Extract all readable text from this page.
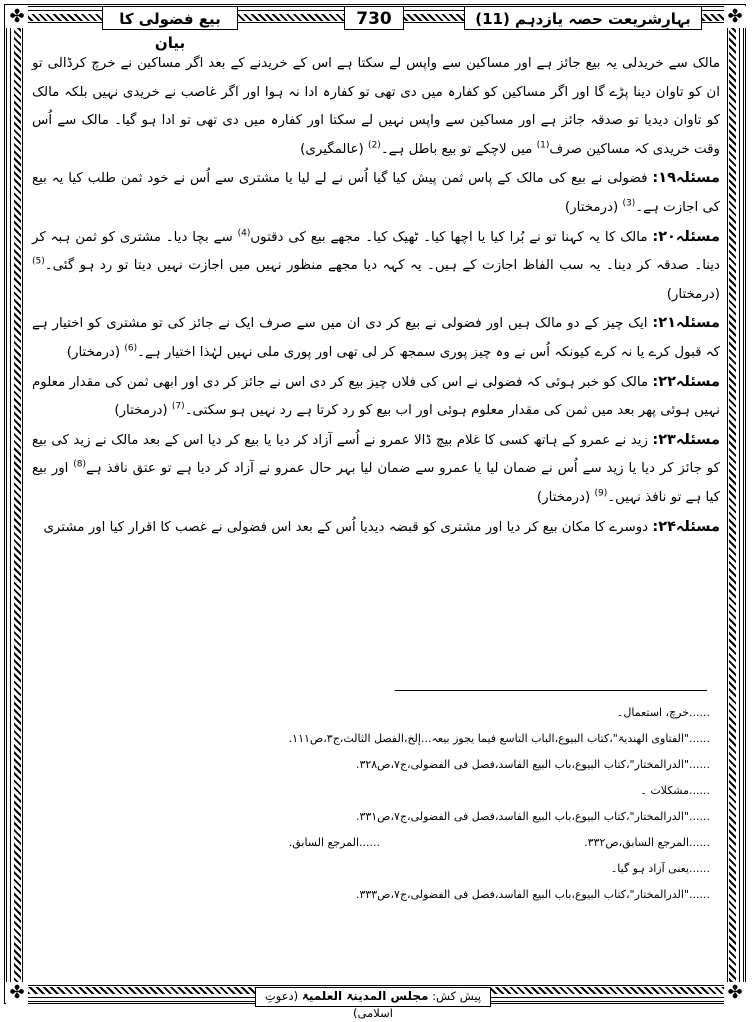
✤	✤
✤	✤
بہارِشریعت حصہ یازدہم (11)
730
بیع فضولی کا بیان

مالک سے خریدلی یہ بیع جائز ہے اور مساکین سے واپس لے سکتا ہے اس کے خریدنے کے بعد اگر مساکین نے خرچ کرڈالی تو ان کو تاوان دینا پڑے گا اور اگر مساکین کو کفارہ میں دی تھی تو کفارہ ادا نہ ہوا اور اگر غاصب نے خریدی نہیں بلکہ مالک کو تاوان دیدیا تو صدقہ جائز ہے اور مساکین سے واپس نہیں لے سکتا اور کفارہ میں دی تھی تو ادا ہو گیا۔ مالک سے اُس وقت خریدی کہ مساکین صرف$^{(1)}$ میں لاچکے تو بیع باطل ہے۔$^{(2)}$ (عالمگیری)

مسئلہ۱۹: فضولی نے بیع کی مالک کے پاس ثمن پیش کیا گیا اُس نے لے لیا یا مشتری سے اُس نے خود ثمن طلب کیا یہ بیع کی اجازت ہے۔$^{(3)}$ (درمختار)

مسئلہ۲۰: مالک کا یہ کہنا تو نے بُرا کیا یا اچھا کیا۔ ٹھیک کیا۔ مجھے بیع کی دقتوں$^{(4)}$ سے بچا دیا۔ مشتری کو ثمن ہبہ کر دینا۔ صدقہ کر دینا۔ یہ سب الفاظ اجازت کے ہیں۔ یہ کہہ دیا مجھے منظور نہیں میں اجازت نہیں دیتا تو رد ہو گئی۔$^{(5)}$ (درمختار)

مسئلہ۲۱: ایک چیز کے دو مالک ہیں اور فضولی نے بیع کر دی ان میں سے صرف ایک نے جائز کی تو مشتری کو اختیار ہے کہ قبول کرے یا نہ کرے کیونکہ اُس نے وہ چیز پوری سمجھ کر لی تھی اور پوری ملی نہیں لہٰذا اختیار ہے۔$^{(6)}$ (درمختار)

مسئلہ۲۲: مالک کو خبر ہوئی کہ فضولی نے اس کی فلاں چیز بیع کر دی اس نے جائز کر دی اور ابھی ثمن کی مقدار معلوم نہیں ہوئی پھر بعد میں ثمن کی مقدار معلوم ہوئی اور اب بیع کو رد کرتا ہے رد نہیں ہو سکتی۔$^{(7)}$ (درمختار)

مسئلہ۲۳: زید نے عمرو کے ہاتھ کسی کا غلام بیچ ڈالا عمرو نے اُسے آزاد کر دیا یا بیع کر دیا اس کے بعد مالک نے زید کی بیع کو جائز کر دیا یا زید سے اُس نے ضمان لیا یا عمرو سے ضمان لیا بہر حال عمرو نے آزاد کر دیا ہے تو عتق نافذ ہے$^{(8)}$ اور بیع کیا ہے تو نافذ نہیں۔$^{(9)}$ (درمختار)

مسئلہ۲۴: دوسرے کا مکان بیع کر دیا اور مشتری کو قبضہ دیدیا اُس کے بعد اس فضولی نے غصب کا اقرار کیا اور مشتری

......خرچ، استعمال۔
......"الفتاوی الھندیۃ"،کتاب البیوع،الباب التاسع فیما یجوز بیعہ...إلخ،الفصل الثالث،ج۳،ص۱۱۱.
......"الدرالمختار"،کتاب البیوع،باب البیع الفاسد،فصل فی الفضولی،ج۷،ص۳۲۸.
......مشکلات ۔
......"الدرالمختار"،کتاب البیوع،باب البیع الفاسد،فصل فی الفضولی،ج۷،ص۳۳۱.
......المرجع السابق،ص۳۳۲.
......المرجع السابق.
......یعنی آزاد ہو گیا۔
......"الدرالمختار"،کتاب البیوع،باب البیع الفاسد،فصل فی الفضولی،ج۷،ص۳۳۳.
پیش کش: مجلس المدینۃ العلمیۃ (دعوتِ اسلامی)
